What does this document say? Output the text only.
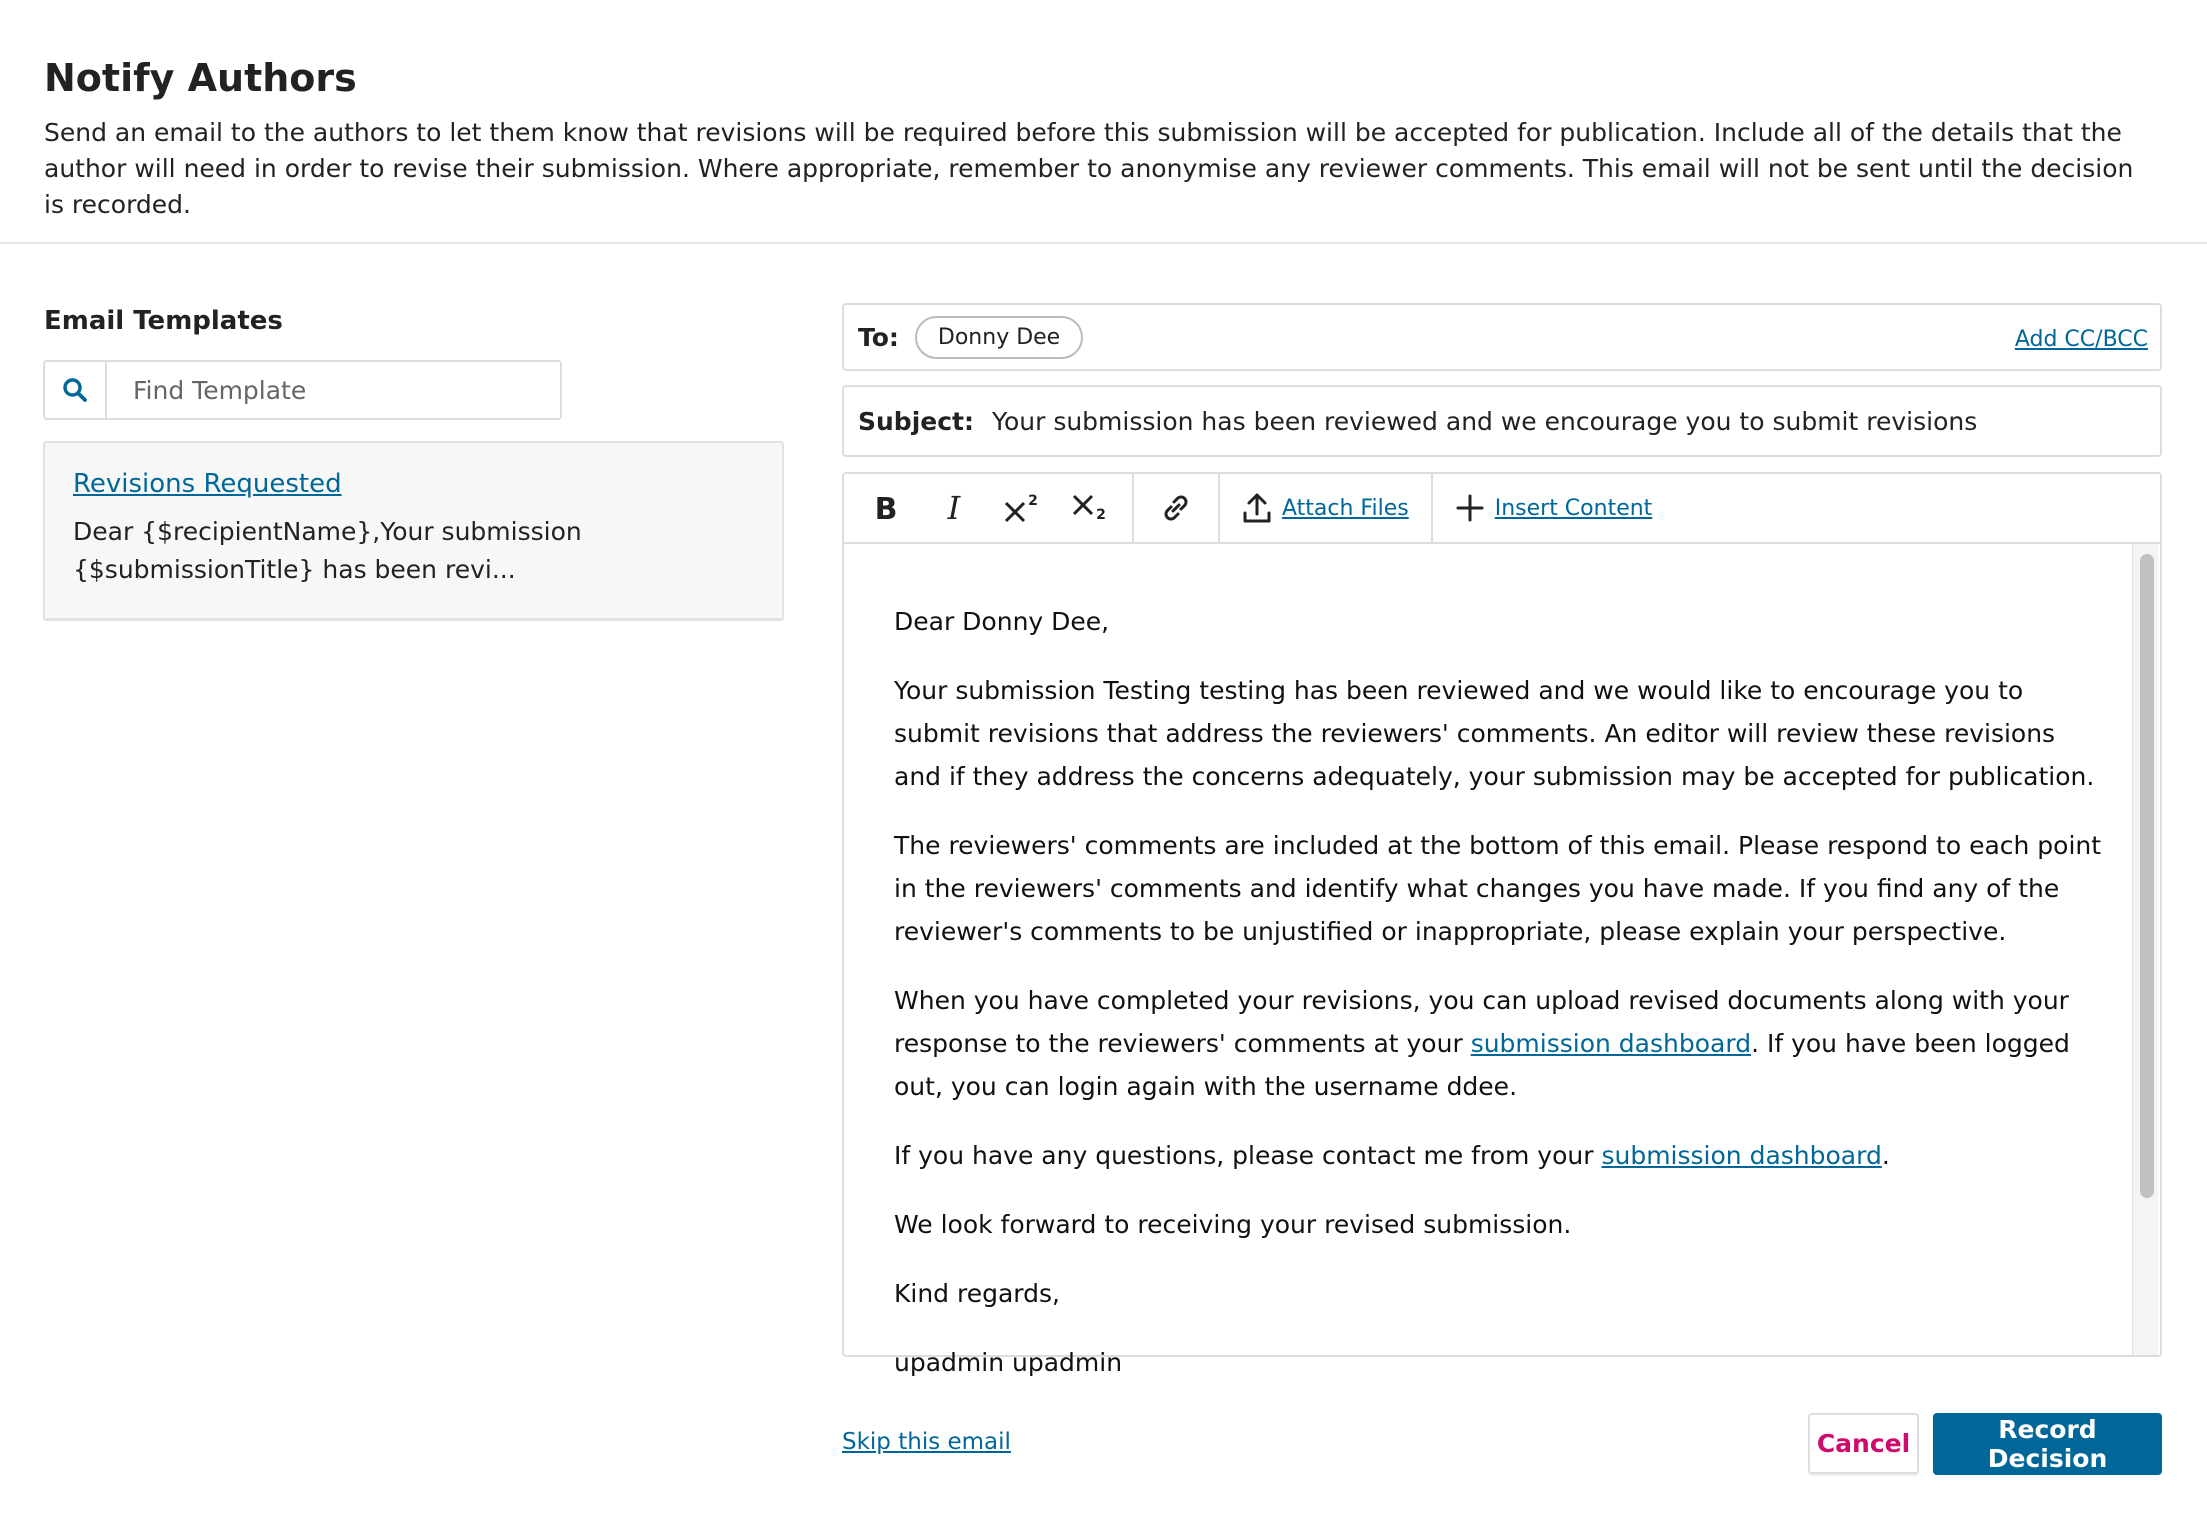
Notify Authors

Send an email to the authors to let them know that revisions will be required before this submission will be accepted for publication. Include all of the details that the author will need in order to revise their submission. Where appropriate, remember to anonymise any reviewer comments. This email will not be sent until the decision is recorded.

Email Templates
Find Template
Revisions Requested
Dear {$recipientName},Your submission
{$submissionTitle} has been revi...
To:	Donny Dee	Add CC/BCC
Subject: Your submission has been reviewed and we encourage you to submit revisions
B I	2
2	Attach Files	Insert Content

Dear Donny Dee,

Your submission Testing testing has been reviewed and we would like to encourage you to submit revisions that address the reviewers' comments. An editor will review these revisions and if they address the concerns adequately, your submission may be accepted for publication.

The reviewers' comments are included at the bottom of this email. Please respond to each point in the reviewers' comments and identify what changes you have made. If you find any of the reviewer's comments to be unjustified or inappropriate, please explain your perspective.

When you have completed your revisions, you can upload revised documents along with your response to the reviewers' comments at your submission dashboard. If you have been logged out, you can login again with the username ddee.

If you have any questions, please contact me from your submission dashboard.

We look forward to receiving your revised submission.

Kind regards,

upadmin upadmin

Skip this email	Cancel	Record Decision
